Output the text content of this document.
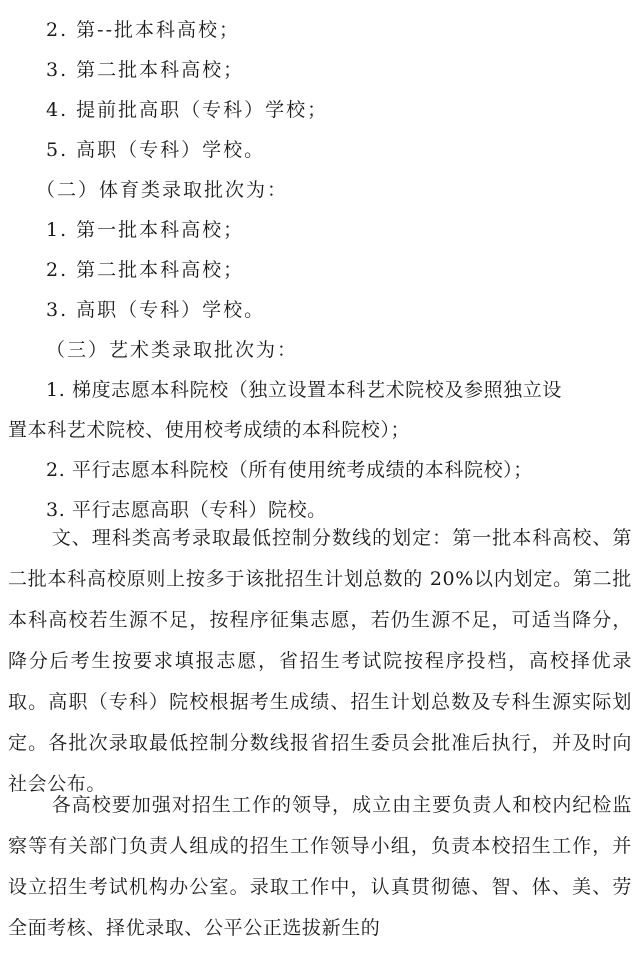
2. 第--批本科高校；
3. 第二批本科高校；
4. 提前批高职（专科）学校；
5. 高职（专科）学校。
（二）体育类录取批次为：
1. 第一批本科高校；
2. 第二批本科高校；
3. 高职（专科）学校。
（三）艺术类录取批次为：
1. 梯度志愿本科院校（独立设置本科艺术院校及参照独立设
置本科艺术院校、使用校考成绩的本科院校）；
2. 平行志愿本科院校（所有使用统考成绩的本科院校）；
3. 平行志愿高职（专科）院校。

文、理科类高考录取最低控制分数线的划定：第一批本科高校、第二批本科高校原则上按多于该批招生计划总数的 20%以内划定。第二批本科高校若生源不足，按程序征集志愿，若仍生源不足，可适当降分，降分后考生按要求填报志愿，省招生考试院按程序投档，高校择优录取。高职（专科）院校根据考生成绩、招生计划总数及专科生源实际划定。各批次录取最低控制分数线报省招生委员会批准后执行，并及时向社会公布。

各高校要加强对招生工作的领导，成立由主要负责人和校内纪检监察等有关部门负责人组成的招生工作领导小组，负责本校招生工作，并设立招生考试机构办公室。录取工作中，认真贯彻德、智、体、美、劳全面考核、择优录取、公平公正选拔新生的
